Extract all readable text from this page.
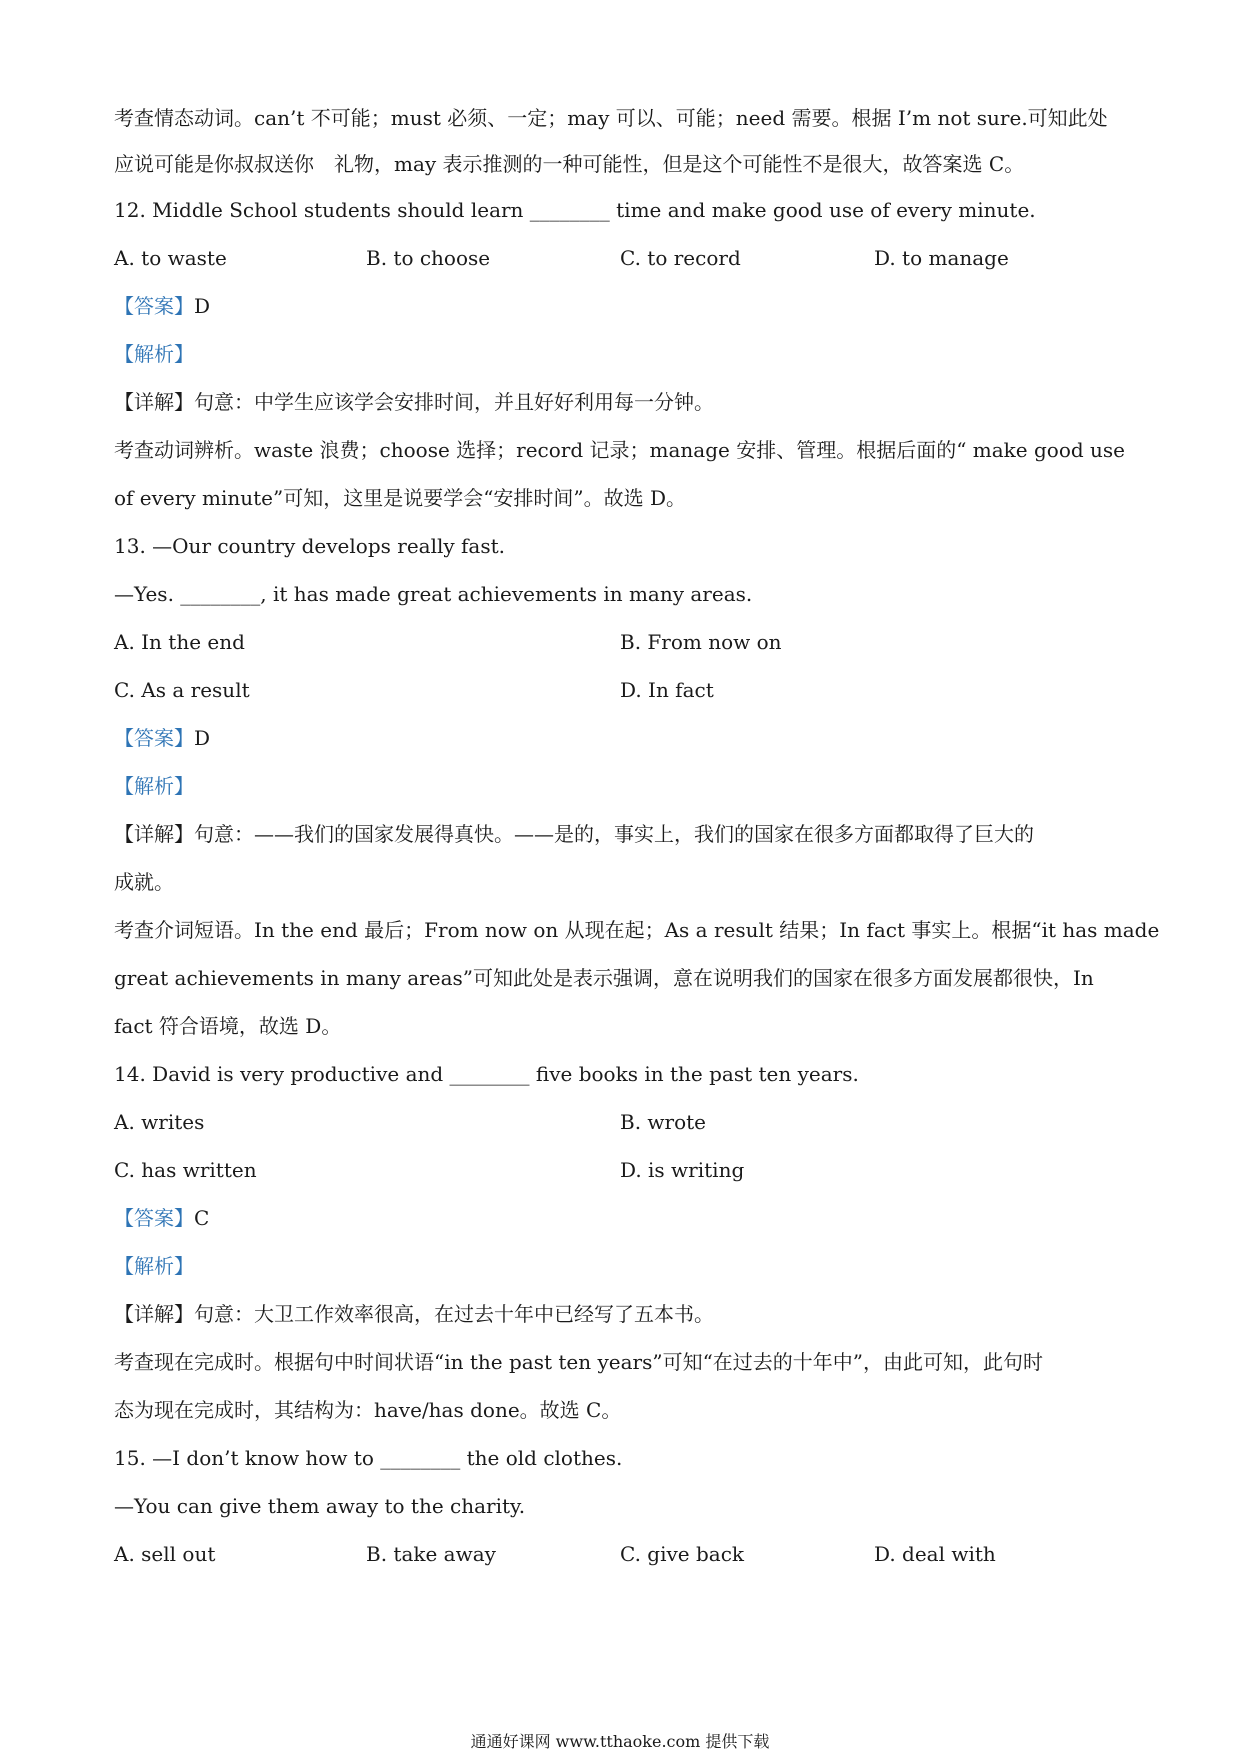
考查情态动词。can’t 不可能；must 必须、一定；may 可以、可能；need 需要。根据 I’m not sure.可知此处
应说可能是你叔叔送你　礼物，may 表示推测的一种可能性，但是这个可能性不是很大，故答案选 C。
12. Middle School students should learn ________ time and make good use of every minute.
A. to waste	B. to choose	C. to record	D. to manage
【答案】D
【解析】
【详解】句意：中学生应该学会安排时间，并且好好利用每一分钟。
考查动词辨析。waste 浪费；choose 选择；record 记录；manage 安排、管理。根据后面的“ make good use
of every minute”可知，这里是说要学会“安排时间”。故选 D。
13. —Our country develops really fast.
—Yes. ________, it has made great achievements in many areas.
A. In the end	B. From now on
C. As a result	D. In fact
【答案】D
【解析】
【详解】句意：——我们的国家发展得真快。——是的，事实上，我们的国家在很多方面都取得了巨大的
成就。
考查介词短语。In the end 最后；From now on 从现在起；As a result 结果；In fact 事实上。根据“it has made
great achievements in many areas”可知此处是表示强调，意在说明我们的国家在很多方面发展都很快，In
fact 符合语境，故选 D。
14. David is very productive and ________ five books in the past ten years.
A. writes	B. wrote
C. has written	D. is writing
【答案】C
【解析】
【详解】句意：大卫工作效率很高，在过去十年中已经写了五本书。
考查现在完成时。根据句中时间状语“in the past ten years”可知“在过去的十年中”，由此可知，此句时
态为现在完成时，其结构为：have/has done。故选 C。
15. —I don’t know how to ________ the old clothes.
—You can give them away to the charity.
A. sell out	B. take away	C. give back	D. deal with
通通好课网 www.tthaoke.com 提供下载
